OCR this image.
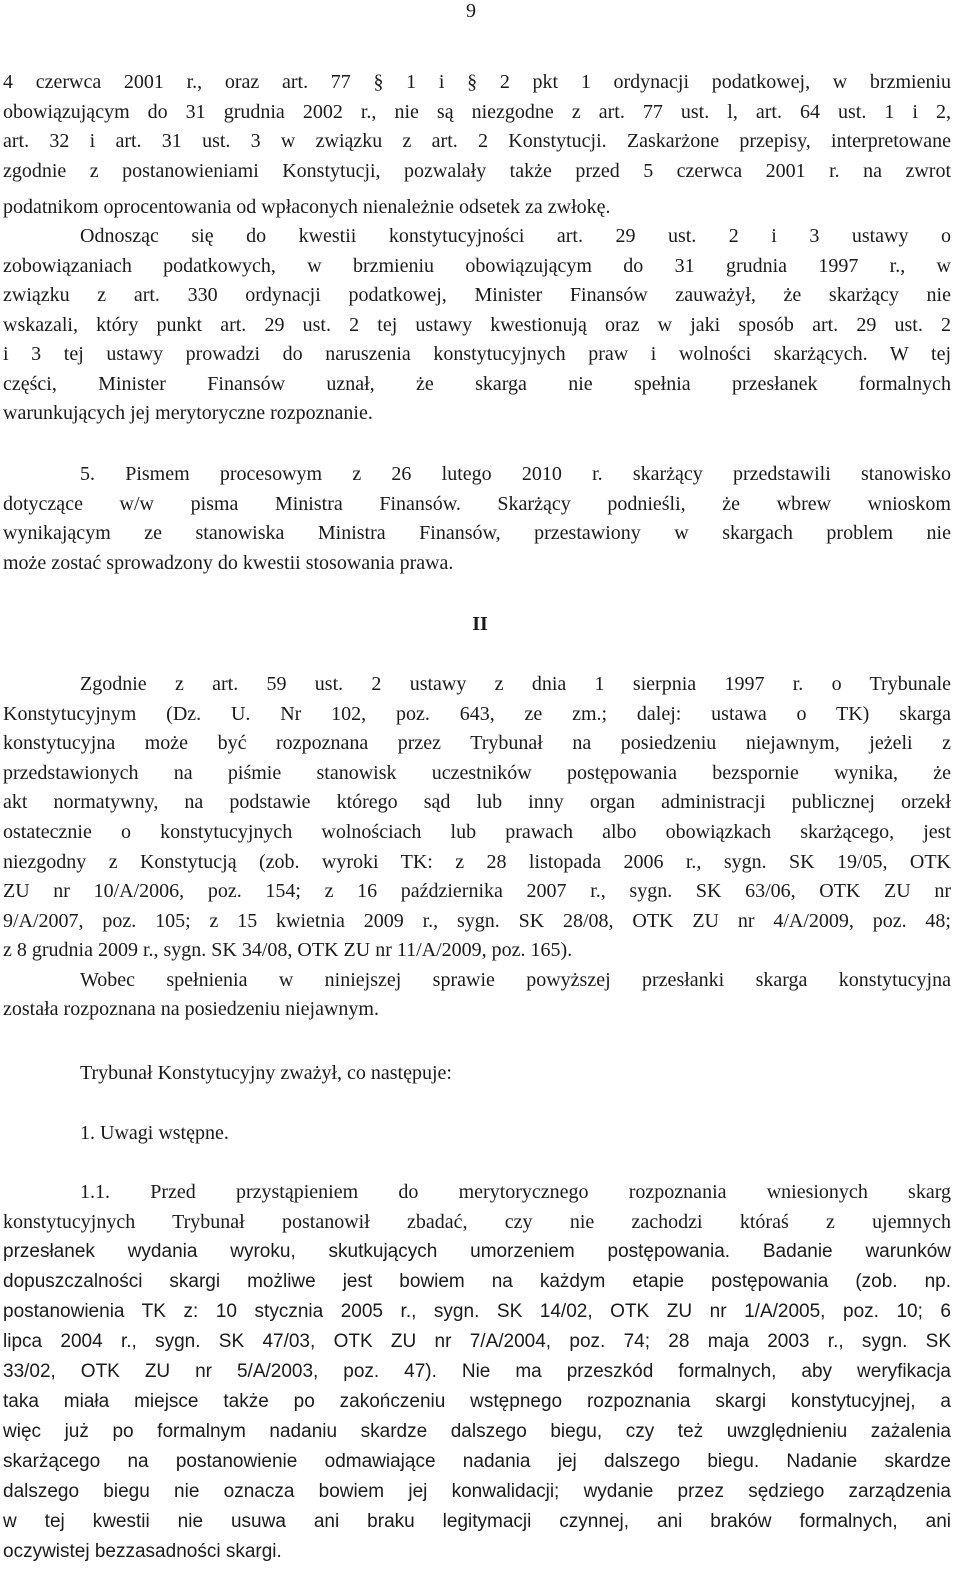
9
4 czerwca 2001 r., oraz art. 77 § 1 i § 2 pkt 1 ordynacji podatkowej, w brzmieniu
obowiązującym do 31 grudnia 2002 r., nie są niezgodne z art. 77 ust. l, art. 64 ust. 1 i 2,
art. 32 i art. 31 ust. 3 w związku z art. 2 Konstytucji. Zaskarżone przepisy, interpretowane
zgodnie z postanowieniami Konstytucji, pozwalały także przed 5 czerwca 2001 r. na zwrot
podatnikom oprocentowania od wpłaconych nienależnie odsetek za zwłokę.
Odnosząc się do kwestii konstytucyjności art. 29 ust. 2 i 3 ustawy o
zobowiązaniach podatkowych, w brzmieniu obowiązującym do 31 grudnia 1997 r., w
związku z art. 330 ordynacji podatkowej, Minister Finansów zauważył, że skarżący nie
wskazali, który punkt art. 29 ust. 2 tej ustawy kwestionują oraz w jaki sposób art. 29 ust. 2
i 3 tej ustawy prowadzi do naruszenia konstytucyjnych praw i wolności skarżących. W tej
części, Minister Finansów uznał, że skarga nie spełnia przesłanek formalnych
warunkujących jej merytoryczne rozpoznanie.
5. Pismem procesowym z 26 lutego 2010 r. skarżący przedstawili stanowisko
dotyczące w/w pisma Ministra Finansów. Skarżący podnieśli, że wbrew wnioskom
wynikającym ze stanowiska Ministra Finansów, przestawiony w skargach problem nie
może zostać sprowadzony do kwestii stosowania prawa.
II
Zgodnie z art. 59 ust. 2 ustawy z dnia 1 sierpnia 1997 r. o Trybunale
Konstytucyjnym (Dz. U. Nr 102, poz. 643, ze zm.; dalej: ustawa o TK) skarga
konstytucyjna może być rozpoznana przez Trybunał na posiedzeniu niejawnym, jeżeli z
przedstawionych na piśmie stanowisk uczestników postępowania bezspornie wynika, że
akt normatywny, na podstawie którego sąd lub inny organ administracji publicznej orzekł
ostatecznie o konstytucyjnych wolnościach lub prawach albo obowiązkach skarżącego, jest
niezgodny z Konstytucją (zob. wyroki TK: z 28 listopada 2006 r., sygn. SK 19/05, OTK
ZU nr 10/A/2006, poz. 154; z 16 października 2007 r., sygn. SK 63/06, OTK ZU nr
9/A/2007, poz. 105; z 15 kwietnia 2009 r., sygn. SK 28/08, OTK ZU nr 4/A/2009, poz. 48;
z 8 grudnia 2009 r., sygn. SK 34/08, OTK ZU nr 11/A/2009, poz. 165).
Wobec spełnienia w niniejszej sprawie powyższej przesłanki skarga konstytucyjna
została rozpoznana na posiedzeniu niejawnym.
Trybunał Konstytucyjny zważył, co następuje:
1. Uwagi wstępne.
1.1. Przed przystąpieniem do merytorycznego rozpoznania wniesionych skarg
konstytucyjnych Trybunał postanowił zbadać, czy nie zachodzi któraś z ujemnych
przesłanek wydania wyroku, skutkujących umorzeniem postępowania. Badanie warunków
dopuszczalności skargi możliwe jest bowiem na każdym etapie postępowania (zob. np.
postanowienia TK z: 10 stycznia 2005 r., sygn. SK 14/02, OTK ZU nr 1/A/2005, poz. 10; 6
lipca 2004 r., sygn. SK 47/03, OTK ZU nr 7/A/2004, poz. 74; 28 maja 2003 r., sygn. SK
33/02, OTK ZU nr 5/A/2003, poz. 47). Nie ma przeszkód formalnych, aby weryfikacja
taka miała miejsce także po zakończeniu wstępnego rozpoznania skargi konstytucyjnej, a
więc już po formalnym nadaniu skardze dalszego biegu, czy też uwzględnieniu zażalenia
skarżącego na postanowienie odmawiające nadania jej dalszego biegu. Nadanie skardze
dalszego biegu nie oznacza bowiem jej konwalidacji; wydanie przez sędziego zarządzenia
w tej kwestii nie usuwa ani braku legitymacji czynnej, ani braków formalnych, ani
oczywistej bezzasadności skargi.
